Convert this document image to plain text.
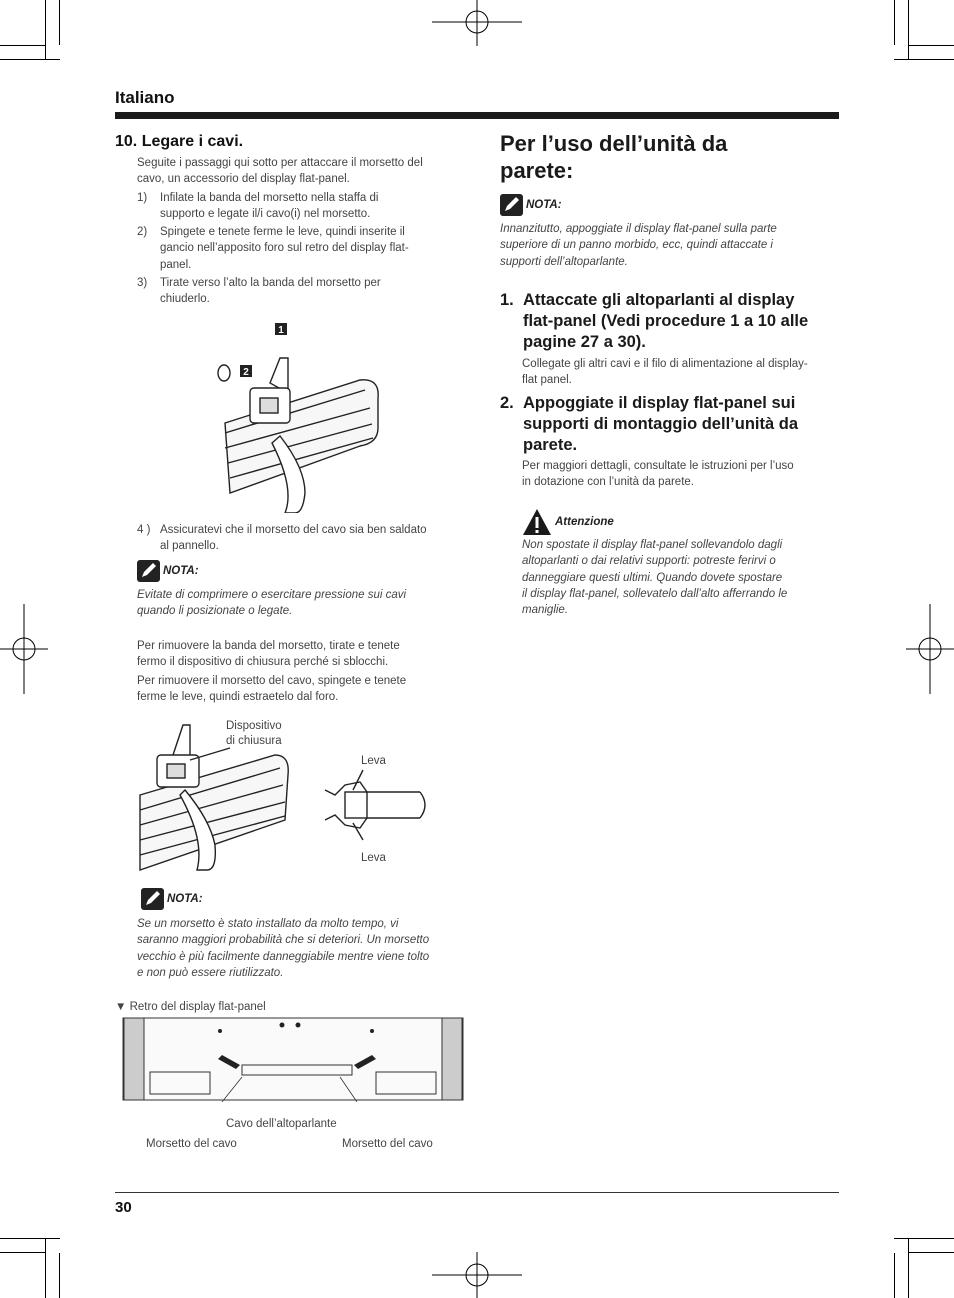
Italiano
10. Legare i cavi.
Seguite i passaggi qui sotto per attaccare il morsetto del
cavo, un accessorio del display flat-panel.
1) Infilate la banda del morsetto nella staffa di
supporto e legate il/i cavo(i) nel morsetto.
2) Spingete e tenete ferme le leve, quindi inserite il
gancio nell’apposito foro sul retro del display flat-
panel.
3) Tirate verso l’alto la banda del morsetto per
chiuderlo.
1
2
4 ) Assicuratevi che il morsetto del cavo sia ben saldato
al pannello.
NOTA:
Evitate di comprimere o esercitare pressione sui cavi
quando li posizionate o legate.
Per rimuovere la banda del morsetto, tirate e tenete
fermo il dispositivo di chiusura perché si sblocchi.
Per rimuovere il morsetto del cavo, spingete e tenete
ferme le leve, quindi estraetelo dal foro.
Dispositivo
di chiusura
Leva
Leva
NOTA:
Se un morsetto è stato installato da molto tempo, vi
saranno maggiori probabilità che si deteriori. Un morsetto
vecchio è più facilmente danneggiabile mentre viene tolto
e non può essere riutilizzato.
▼ Retro del display flat-panel
Cavo dell’altoparlante
Morsetto del cavo	Morsetto del cavo
Per l’uso dell’unità da
parete:
NOTA:
Innanzitutto, appoggiate il display flat-panel sulla parte
superiore di un panno morbido, ecc, quindi attaccate i
supporti dell’altoparlante.
1. Attaccate gli altoparlanti al display
flat-panel (Vedi procedure 1 a 10 alle
pagine 27 a 30).
Collegate gli altri cavi e il filo di alimentazione al display-
flat panel.
2. Appoggiate il display flat-panel sui
supporti di montaggio dell’unità da
parete.
Per maggiori dettagli, consultate le istruzioni per l’uso
in dotazione con l’unità da parete.
Attenzione
Non spostate il display flat-panel sollevandolo dagli
altoparlanti o dai relativi supporti: potreste ferirvi o
danneggiare questi ultimi. Quando dovete spostare
il display flat-panel, sollevatelo dall’alto afferrando le
maniglie.
30
